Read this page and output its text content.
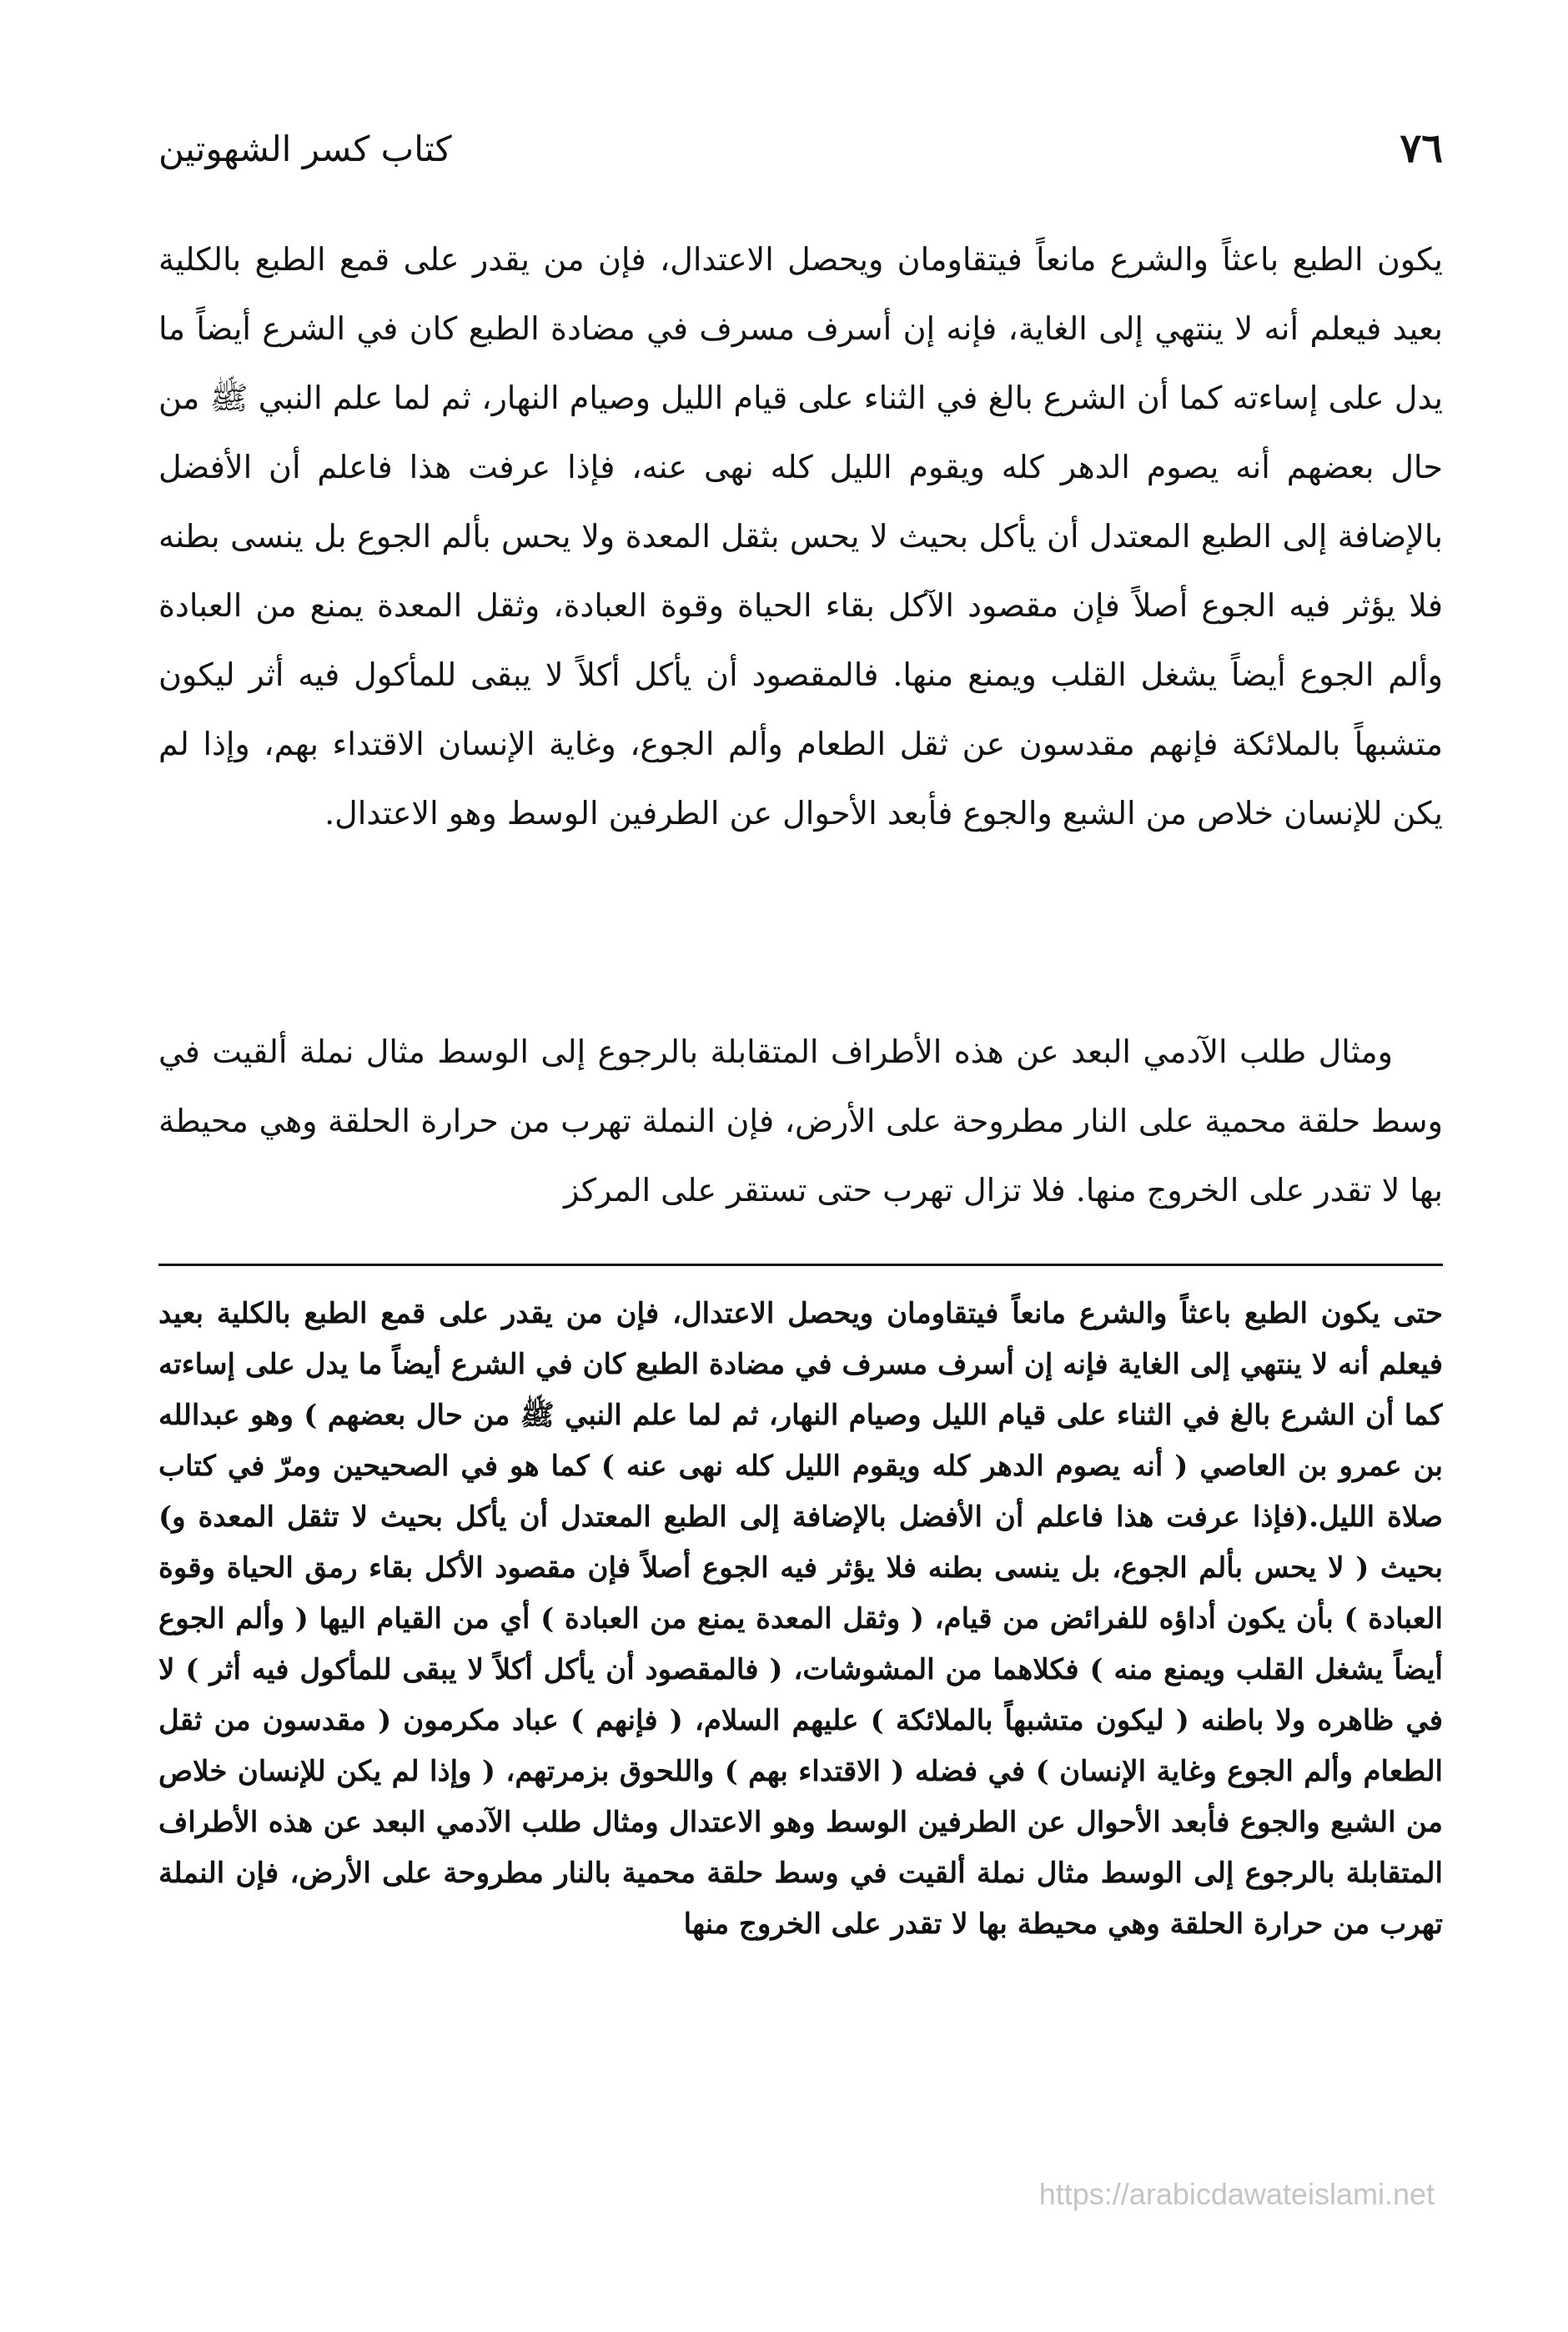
٧٦
كتاب كسر الشهوتين

يكون الطبع باعثاً والشرع مانعاً فيتقاومان ويحصل الاعتدال، فإن من يقدر على قمع الطبع بالكلية بعيد فيعلم أنه لا ينتهي إلى الغاية، فإنه إن أسرف مسرف في مضادة الطبع كان في الشرع أيضاً ما يدل على إساءته كما أن الشرع بالغ في الثناء على قيام الليل وصيام النهار، ثم لما علم النبي ﷺ من حال بعضهم أنه يصوم الدهر كله ويقوم الليل كله نهى عنه، فإذا عرفت هذا فاعلم أن الأفضل بالإضافة إلى الطبع المعتدل أن يأكل بحيث لا يحس بثقل المعدة ولا يحس بألم الجوع بل ينسى بطنه فلا يؤثر فيه الجوع أصلاً فإن مقصود الآكل بقاء الحياة وقوة العبادة، وثقل المعدة يمنع من العبادة وألم الجوع أيضاً يشغل القلب ويمنع منها. فالمقصود أن يأكل أكلاً لا يبقى للمأكول فيه أثر ليكون متشبهاً بالملائكة فإنهم مقدسون عن ثقل الطعام وألم الجوع، وغاية الإنسان الاقتداء بهم، وإذا لم يكن للإنسان خلاص من الشبع والجوع فأبعد الأحوال عن الطرفين الوسط وهو الاعتدال.

ومثال طلب الآدمي البعد عن هذه الأطراف المتقابلة بالرجوع إلى الوسط مثال نملة ألقيت في وسط حلقة محمية على النار مطروحة على الأرض، فإن النملة تهرب من حرارة الحلقة وهي محيطة بها لا تقدر على الخروج منها. فلا تزال تهرب حتى تستقر على المركز

حتى يكون الطبع باعثاً والشرع مانعاً فيتقاومان ويحصل الاعتدال، فإن من يقدر على قمع الطبع بالكلية بعيد فيعلم أنه لا ينتهي إلى الغاية فإنه إن أسرف مسرف في مضادة الطبع كان في الشرع أيضاً ما يدل على إساءته كما أن الشرع بالغ في الثناء على قيام الليل وصيام النهار، ثم لما علم النبي ﷺ من حال بعضهم ) وهو عبدالله بن عمرو بن العاصي ( أنه يصوم الدهر كله ويقوم الليل كله نهى عنه ) كما هو في الصحيحين ومرّ في كتاب صلاة الليل.(فإذا عرفت هذا فاعلم أن الأفضل بالإضافة إلى الطبع المعتدل أن يأكل بحيث لا تثقل المعدة و) بحيث ( لا يحس بألم الجوع، بل ينسى بطنه فلا يؤثر فيه الجوع أصلاً فإن مقصود الأكل بقاء رمق الحياة وقوة العبادة ) بأن يكون أداؤه للفرائض من قيام، ( وثقل المعدة يمنع من العبادة ) أي من القيام اليها ( وألم الجوع أيضاً يشغل القلب ويمنع منه ) فكلاهما من المشوشات، ( فالمقصود أن يأكل أكلاً لا يبقى للمأكول فيه أثر ) لا في ظاهره ولا باطنه ( ليكون متشبهاً بالملائكة ) عليهم السلام، ( فإنهم ) عباد مكرمون ( مقدسون من ثقل الطعام وألم الجوع وغاية الإنسان ) في فضله ( الاقتداء بهم ) واللحوق بزمرتهم، ( وإذا لم يكن للإنسان خلاص من الشبع والجوع فأبعد الأحوال عن الطرفين الوسط وهو الاعتدال ومثال طلب الآدمي البعد عن هذه الأطراف المتقابلة بالرجوع إلى الوسط مثال نملة ألقيت في وسط حلقة محمية بالنار مطروحة على الأرض، فإن النملة تهرب من حرارة الحلقة وهي محيطة بها لا تقدر على الخروج منها

https://arabicdawateislami.net
